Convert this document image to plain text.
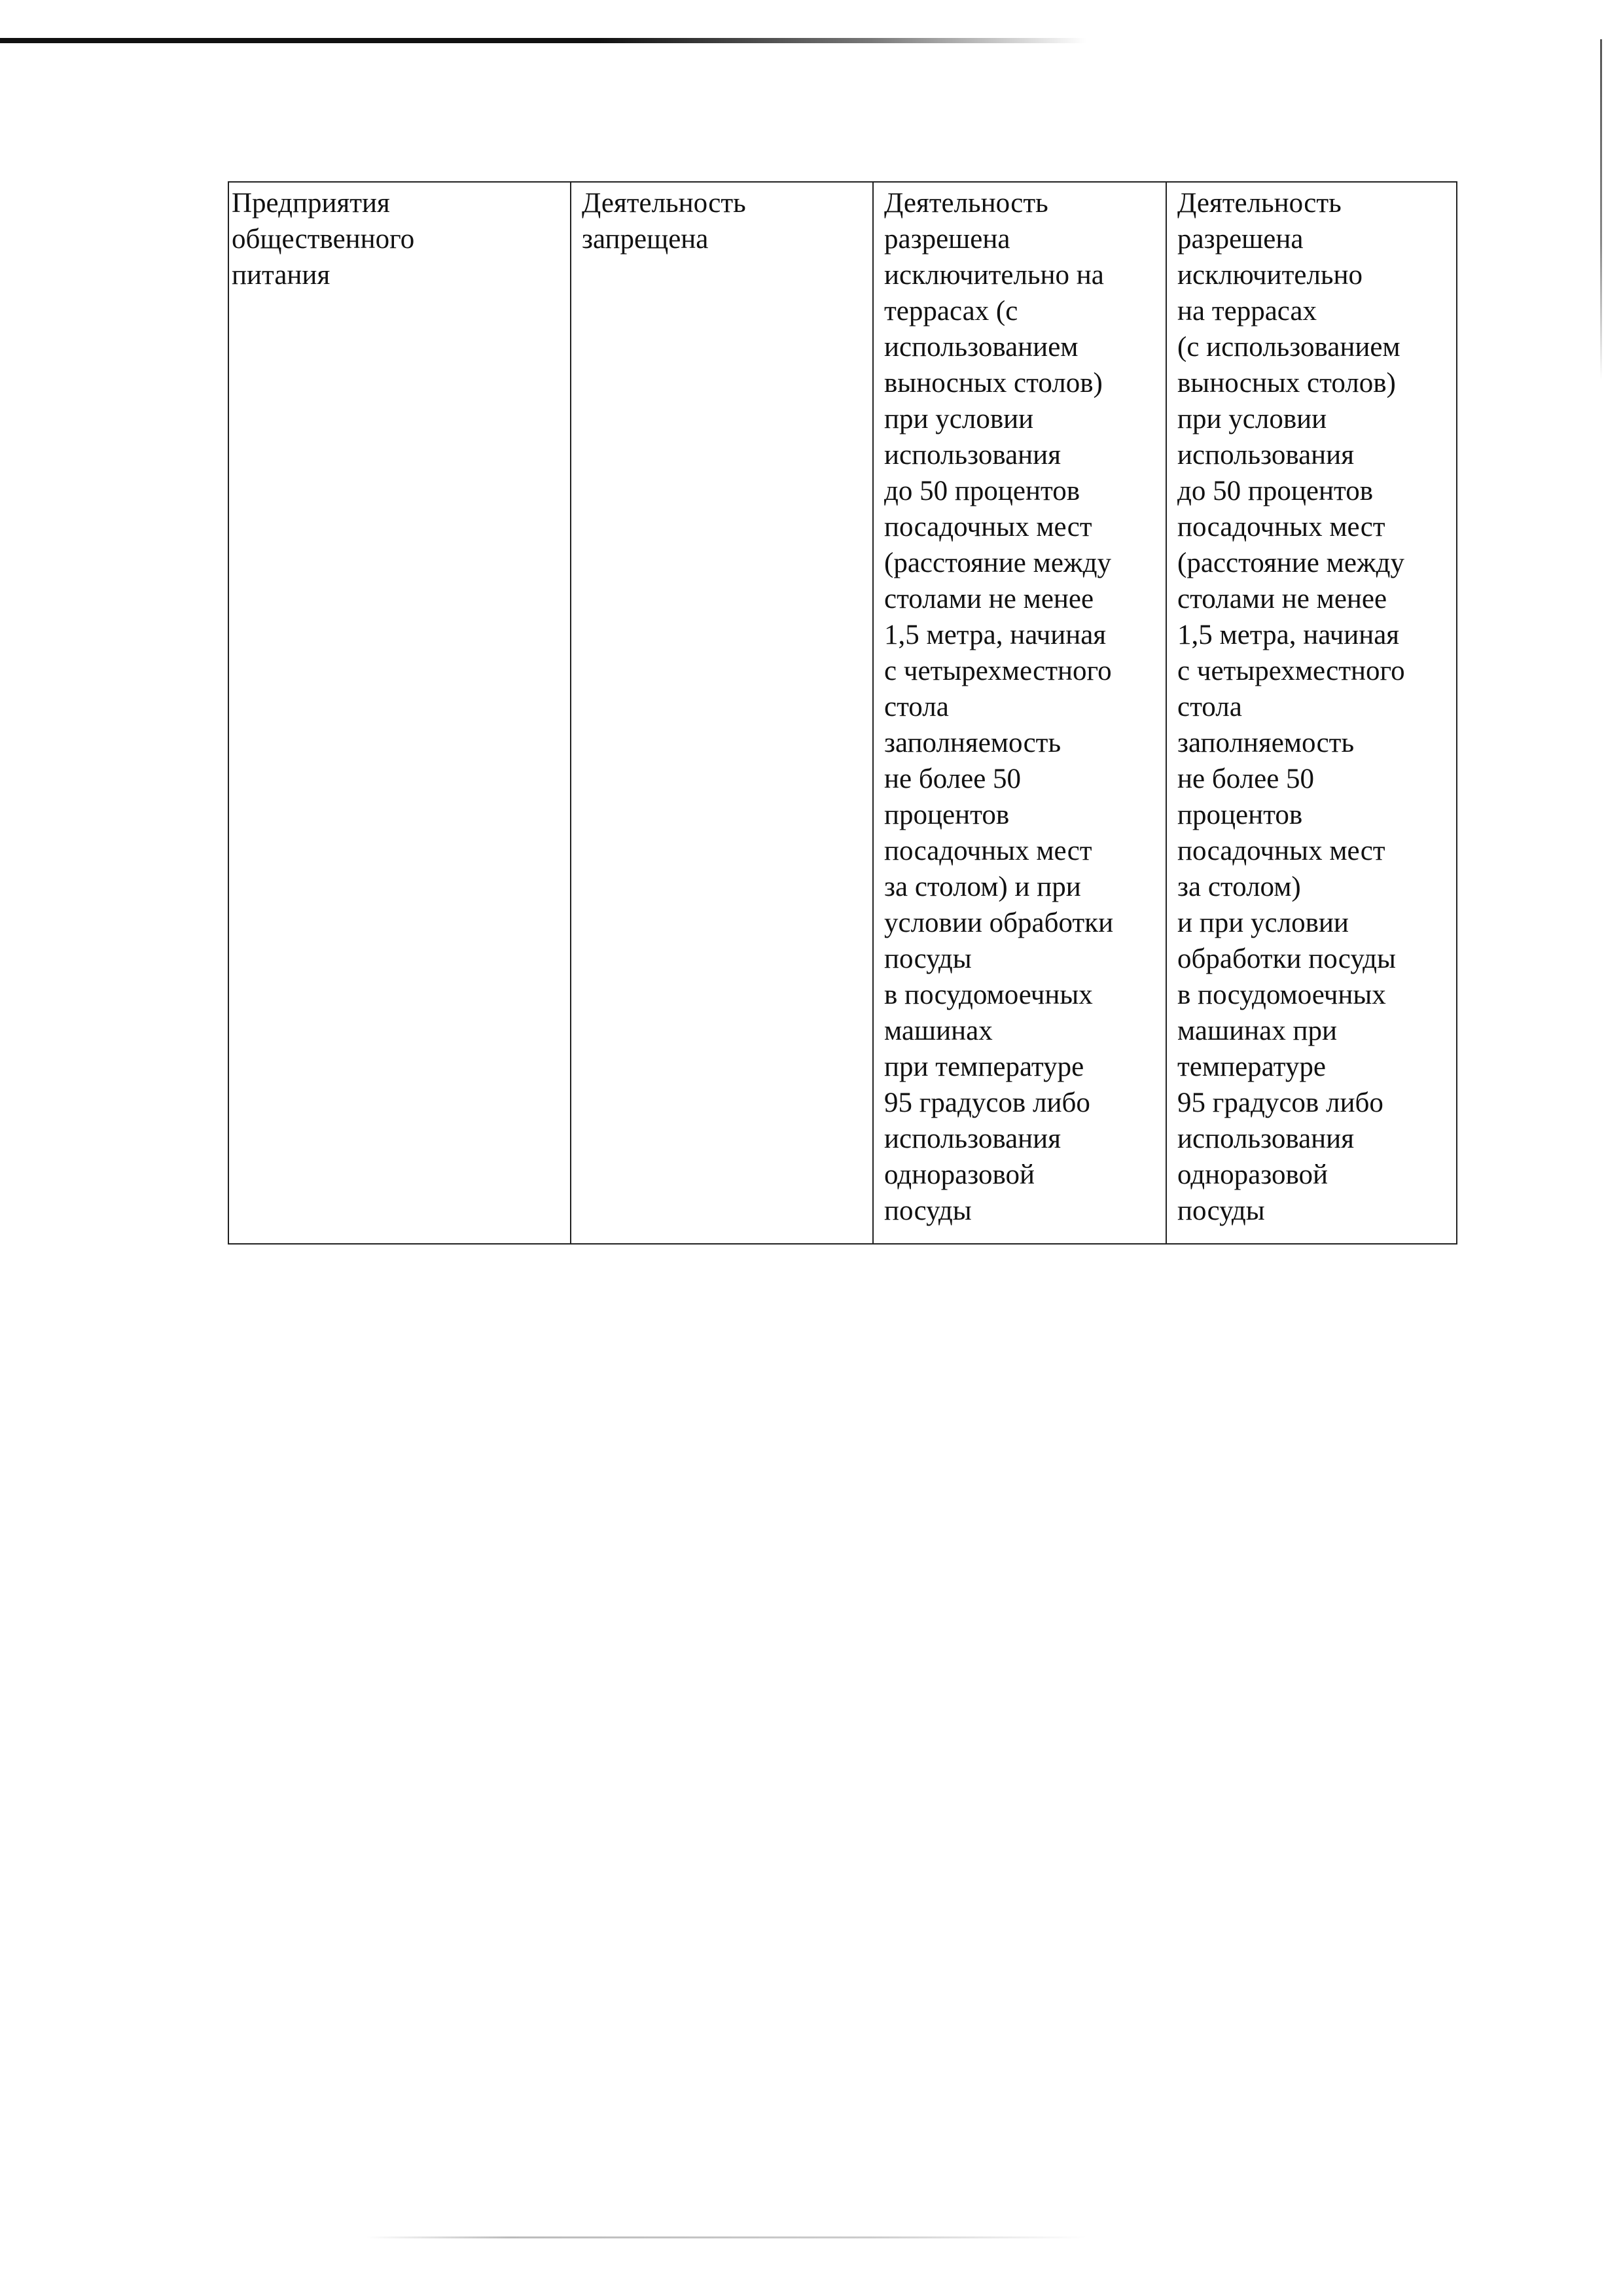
Предприятия
общественного
питания	Деятельность
запрещена	Деятельность
разрешена
исключительно на
террасах (с
использованием
выносных столов)
при условии
использования
до 50 процентов
посадочных мест
(расстояние между
столами не менее
1,5 метра, начиная
с четырехместного
стола
заполняемость
не более 50
процентов
посадочных мест
за столом) и при
условии обработки
посуды
в посудомоечных
машинах
при температуре
95 градусов либо
использования
одноразовой
посуды	Деятельность
разрешена
исключительно
на террасах
(с использованием
выносных столов)
при условии
использования
до 50 процентов
посадочных мест
(расстояние между
столами не менее
1,5 метра, начиная
с четырехместного
стола
заполняемость
не более 50
процентов
посадочных мест
за столом)
и при условии
обработки посуды
в посудомоечных
машинах при
температуре
95 градусов либо
использования
одноразовой
посуды
